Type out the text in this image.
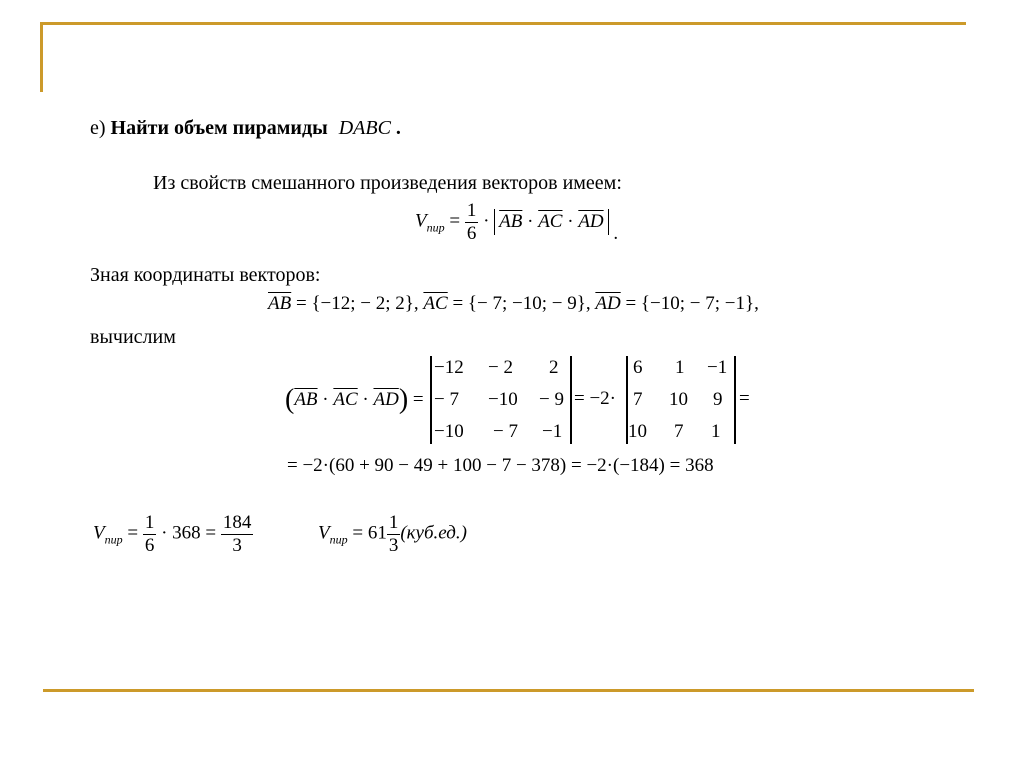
е) Найти объем пирамиды DABC .
Из свойств смешанного произведения векторов имеем:
$V_{пир} = \frac{1}{6} \cdot \overline{AB} \cdot \overline{AC} \cdot \overline{AD}$ .
Зная координаты векторов:
$\overline{AB} = \{-12$; − 2; 2}, $\overline{AC}$ = {− 7; −10; − 9}, $\overline{AD} = \{-10$; − 7; −1},
вычислим
$(\overline{AB} \cdot \overline{AC} \cdot \overline{AD})$ =
−12 − 2 2
− 7 −10 − 9
−10 − 7 −1
= −2·
6 1 −1
7 10 9
10 7 1
=
= −2·(60 + 90 − 49 + 100 − 7 − 378) = −2·(−184) = 368
$V_{пир} = \frac{1}{6} \cdot 368 = \frac{184}{3}$	$V_{пир} = 61 \frac{1}{3} (куб.ед.)$
